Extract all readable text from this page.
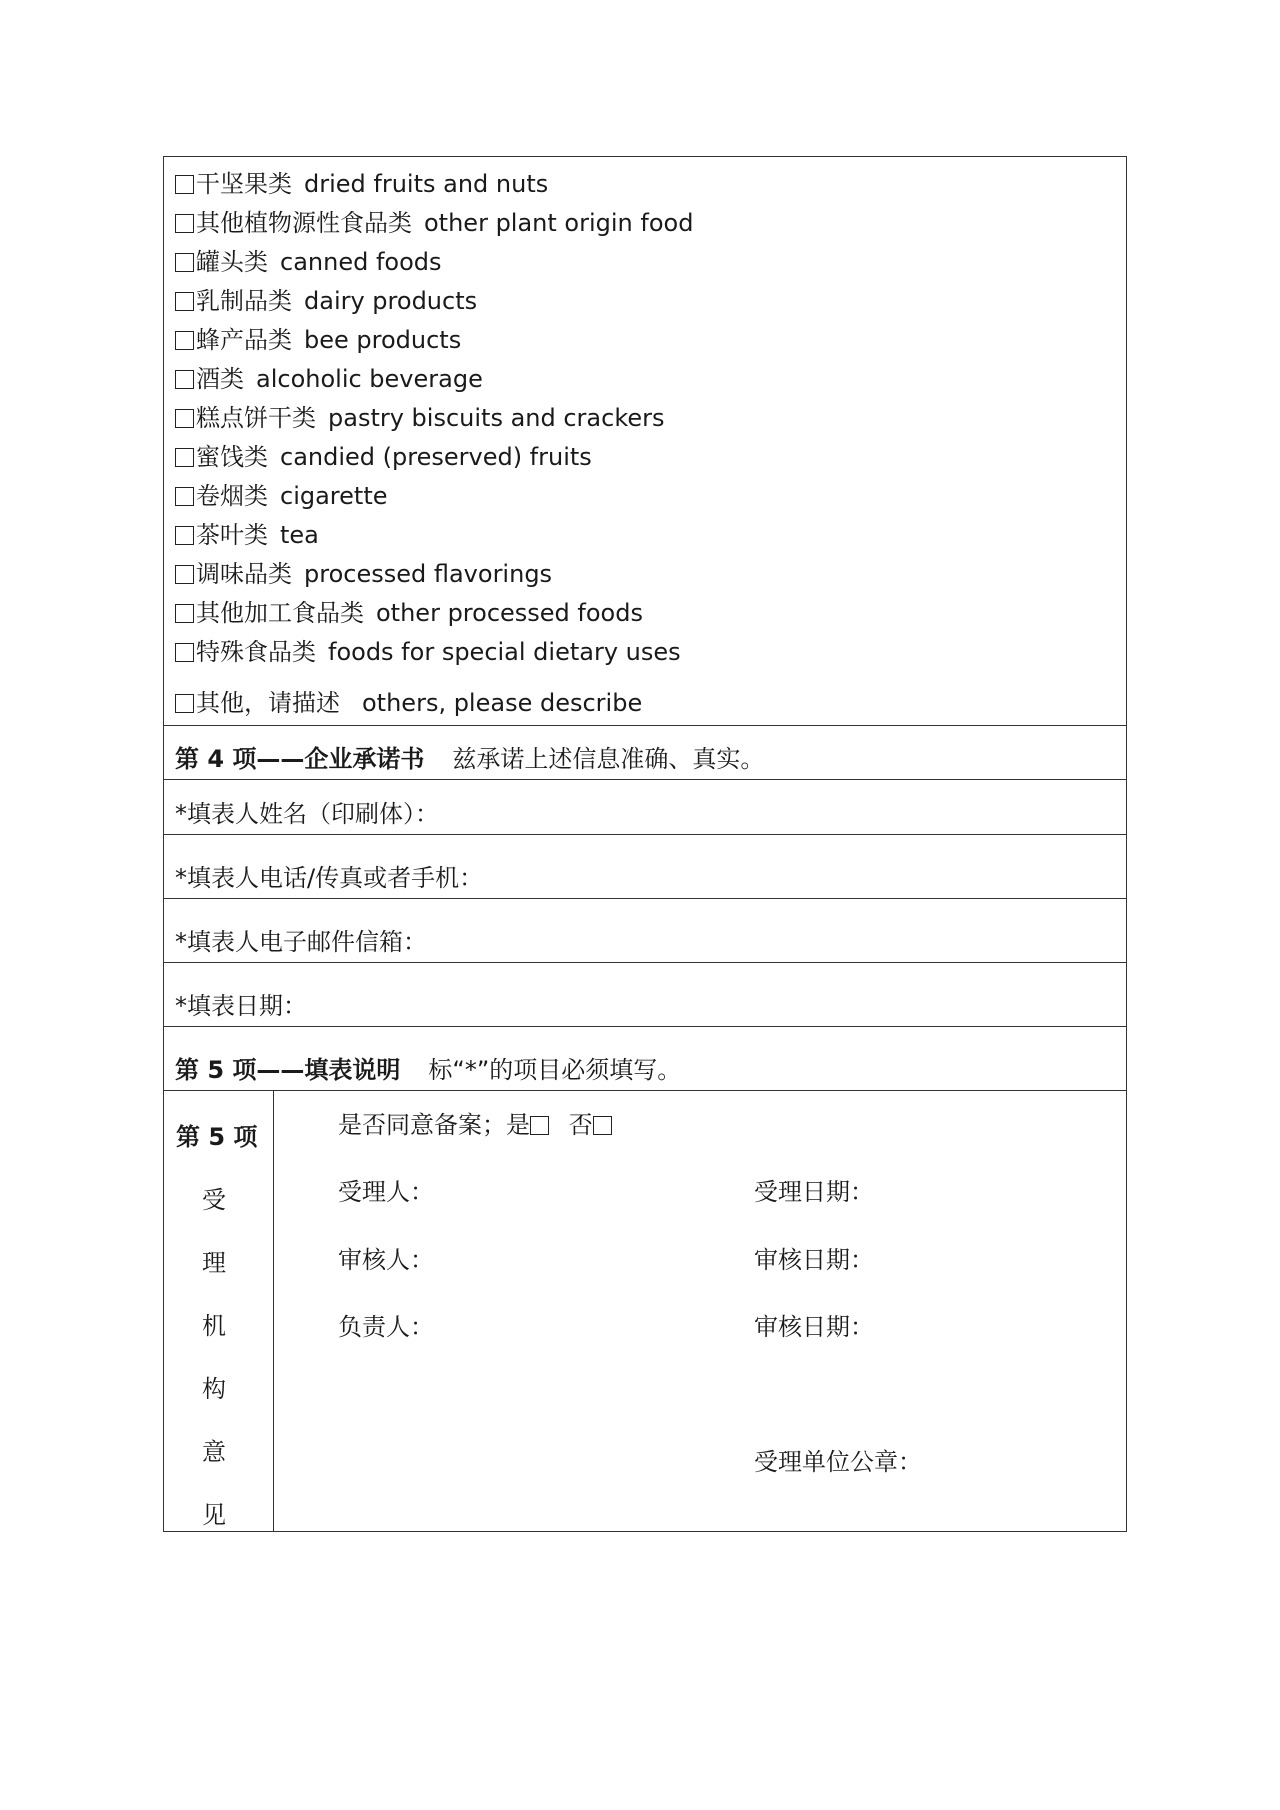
干坚果类 dried fruits and nuts
其他植物源性食品类 other plant origin food
罐头类 canned foods
乳制品类 dairy products
蜂产品类 bee products
酒类 alcoholic beverage
糕点饼干类 pastry biscuits and crackers
蜜饯类 candied (preserved) fruits
卷烟类 cigarette
茶叶类 tea
调味品类 processed flavorings
其他加工食品类 other processed foods
特殊食品类 foods for special dietary uses
其他，请描述 others, please describe
第 4 项——企业承诺书 兹承诺上述信息准确、真实。
*填表人姓名（印刷体）：
*填表人电话/传真或者手机：
*填表人电子邮件信箱：
*填表日期：
第 5 项——填表说明 标“*”的项目必须填写。
第 5 项
受
理
机
构
意
见
是否同意备案；是 否
受理人：	受理日期：
审核人：	审核日期：
负责人：	审核日期：
受理单位公章：
